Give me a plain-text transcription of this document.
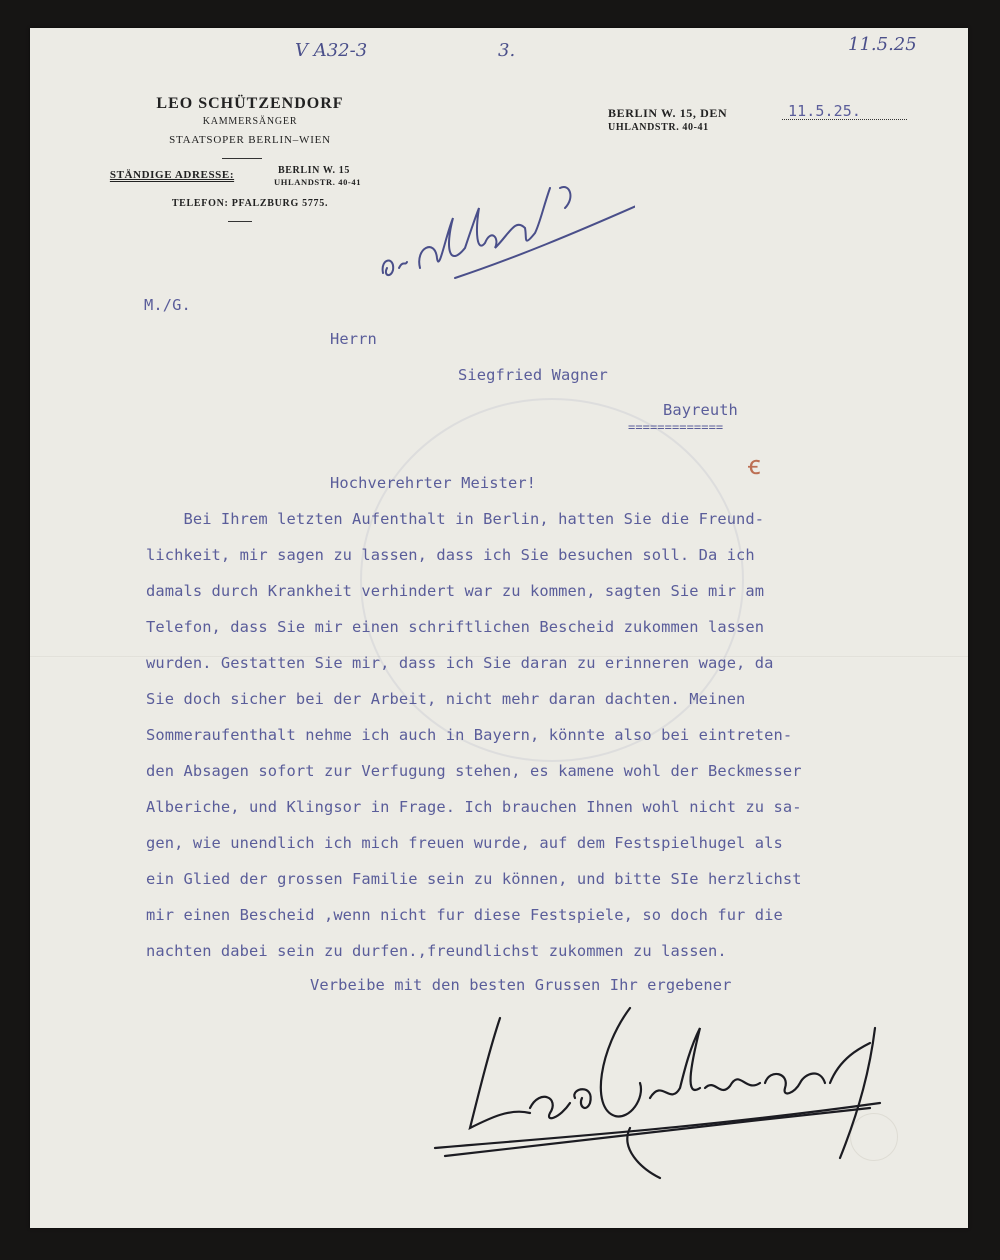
V A32-3	3.	11.5.25
LEO SCHÜTZENDORF
KAMMERSÄNGER
STAATSOPER BERLIN–WIEN
STÄNDIGE ADRESSE:	BERLIN W. 15
UHLANDSTR. 40-41
TELEFON: PFALZBURG 5775.
BERLIN W. 15, DEN	11.5.25.
UHLANDSTR. 40-41
ꞓ
M./G.
Herrn
Siegfried Wagner
Bayreuth
=============
Hochverehrter Meister!
Bei Ihrem letzten Aufenthalt in Berlin, hatten Sie die Freund-
lichkeit, mir sagen zu lassen, dass ich Sie besuchen soll. Da ich
damals durch Krankheit verhindert war zu kommen, sagten Sie mir am
Telefon, dass Sie mir einen schriftlichen Bescheid zukommen lassen
wurden. Gestatten Sie mir, dass ich Sie daran zu erinneren wage, da
Sie doch sicher bei der Arbeit, nicht mehr daran dachten. Meinen
Sommeraufenthalt nehme ich auch in Bayern, könnte also bei eintreten-
den Absagen sofort zur Verfugung stehen, es kamene wohl der Beckmesser
Alberiche, und Klingsor in Frage. Ich brauchen Ihnen wohl nicht zu sa-
gen, wie unendlich ich mich freuen wurde, auf dem Festspielhugel als
ein Glied der grossen Familie sein zu können, und bitte SIe herzlichst
mir einen Bescheid ,wenn nicht fur diese Festspiele, so doch fur die
nachten dabei sein zu durfen.,freundlichst zukommen zu lassen.
Verbeibe mit den besten Grussen Ihr ergebener
